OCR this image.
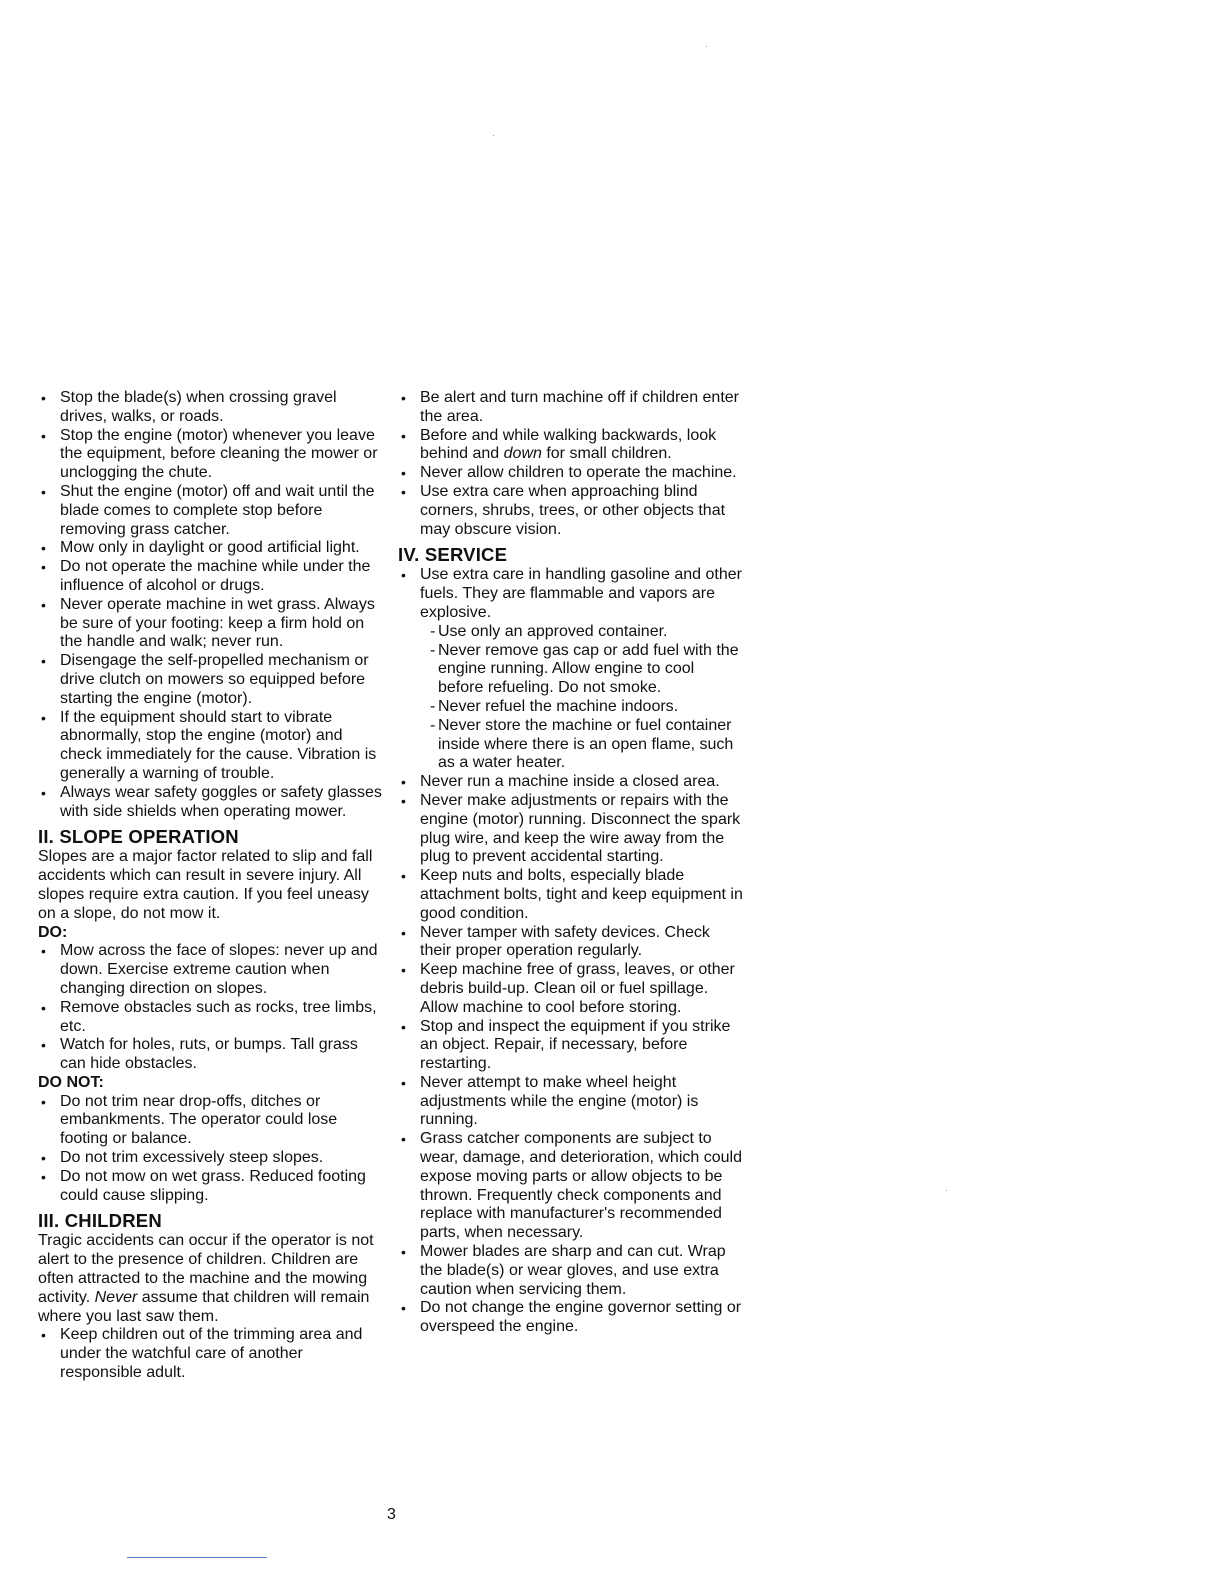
• Stop the blade(s) when crossing gravel drives, walks, or roads.
• Stop the engine (motor) whenever you leave the equipment, before cleaning the mower or unclogging the chute.
• Shut the engine (motor) off and wait until the blade comes to complete stop before removing grass catcher.
• Mow only in daylight or good artificial light.
• Do not operate the machine while under the influence of alcohol or drugs.
• Never operate machine in wet grass. Always be sure of your footing: keep a firm hold on the handle and walk; never run.
• Disengage the self-propelled mechanism or drive clutch on mowers so equipped before starting the engine (motor).
• If the equipment should start to vibrate abnormally, stop the engine (motor) and check immediately for the cause. Vibration is generally a warning of trouble.
• Always wear safety goggles or safety glasses with side shields when operating mower.
II. SLOPE OPERATION

Slopes are a major factor related to slip and fall accidents which can result in severe injury. All slopes require extra caution. If you feel uneasy on a slope, do not mow it.

DO:
• Mow across the face of slopes: never up and down. Exercise extreme caution when changing direction on slopes.
• Remove obstacles such as rocks, tree limbs, etc.
• Watch for holes, ruts, or bumps. Tall grass can hide obstacles.
DO NOT:
• Do not trim near drop-offs, ditches or embankments. The operator could lose footing or balance.
• Do not trim excessively steep slopes.
• Do not mow on wet grass. Reduced footing could cause slipping.
III. CHILDREN

Tragic accidents can occur if the operator is not alert to the presence of children. Children are often attracted to the machine and the mowing activity. Never assume that children will remain where you last saw them.

• Keep children out of the trimming area and under the watchful care of another responsible adult.
• Be alert and turn machine off if children enter the area.
• Before and while walking backwards, look behind and down for small children.
• Never allow children to operate the machine.
• Use extra care when approaching blind corners, shrubs, trees, or other objects that may obscure vision.
IV. SERVICE
• Use extra care in handling gasoline and other fuels. They are flammable and vapors are explosive.
- Use only an approved container.
- Never remove gas cap or add fuel with the engine running. Allow engine to cool before refueling. Do not smoke.
- Never refuel the machine indoors.
- Never store the machine or fuel container inside where there is an open flame, such as a water heater.
• Never run a machine inside a closed area.
• Never make adjustments or repairs with the engine (motor) running. Disconnect the spark plug wire, and keep the wire away from the plug to prevent accidental starting.
• Keep nuts and bolts, especially blade attachment bolts, tight and keep equipment in good condition.
• Never tamper with safety devices. Check their proper operation regularly.
• Keep machine free of grass, leaves, or other debris build-up. Clean oil or fuel spillage. Allow machine to cool before storing.
• Stop and inspect the equipment if you strike an object. Repair, if necessary, before restarting.
• Never attempt to make wheel height adjustments while the engine (motor) is running.
• Grass catcher components are subject to wear, damage, and deterioration, which could expose moving parts or allow objects to be thrown. Frequently check components and replace with manufacturer's recommended parts, when necessary.
• Mower blades are sharp and can cut. Wrap the blade(s) or wear gloves, and use extra caution when servicing them.
• Do not change the engine governor setting or overspeed the engine.
3
